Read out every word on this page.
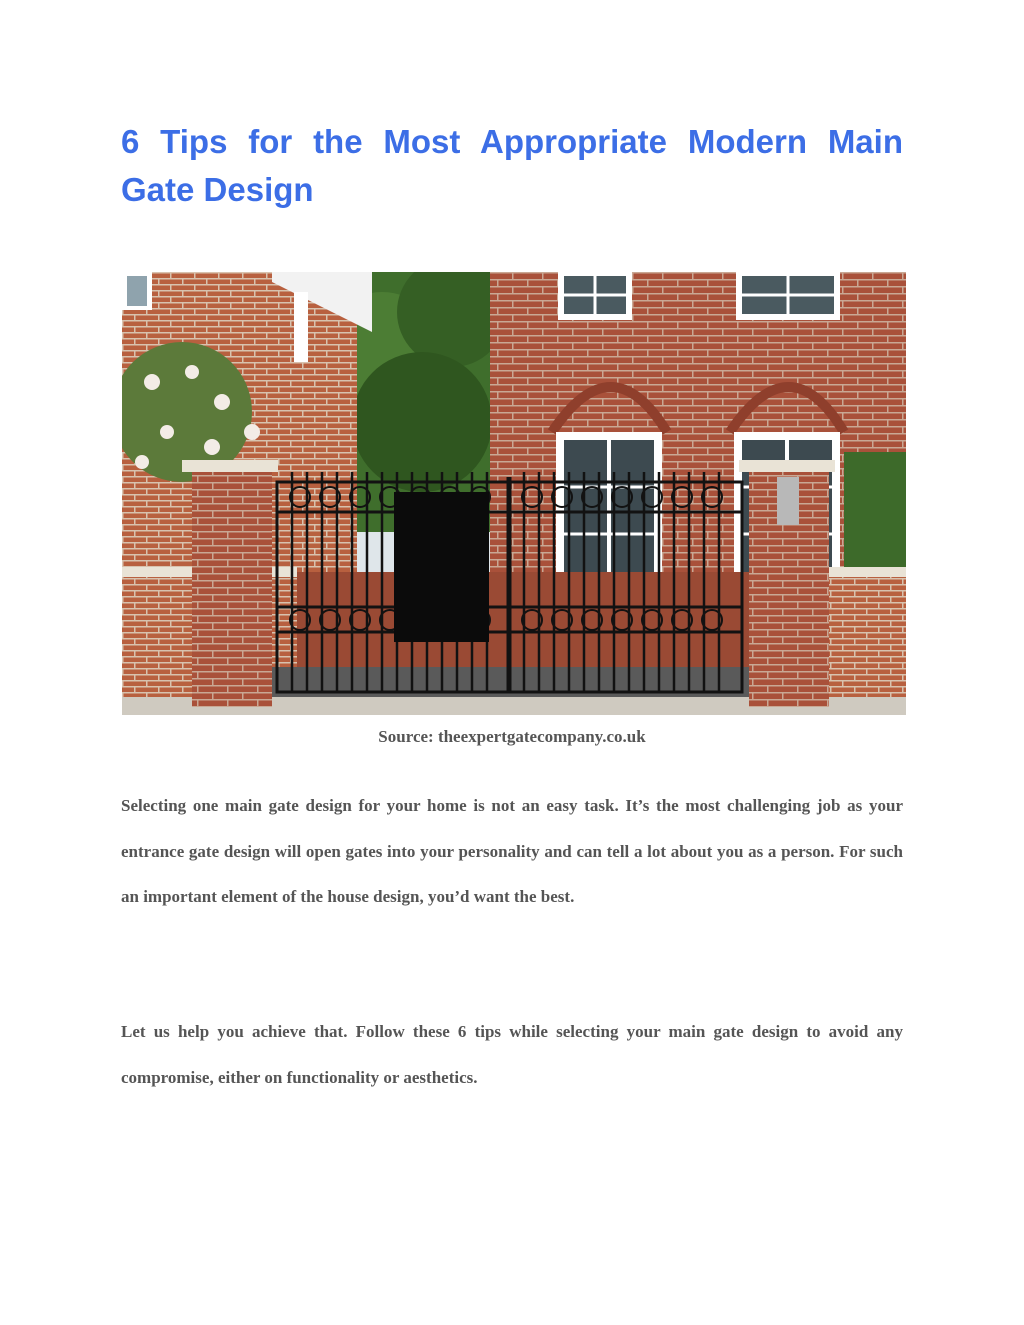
6 Tips for the Most Appropriate Modern Main Gate Design

Source: theexpertgatecompany.co.uk

Selecting one main gate design for your home is not an easy task. It’s the most challenging job as your entrance gate design will open gates into your personality and can tell a lot about you as a person. For such an important element of the house design, you’d want the best.

Let us help you achieve that. Follow these 6 tips while selecting your main gate design to avoid any compromise, either on functionality or aesthetics.
